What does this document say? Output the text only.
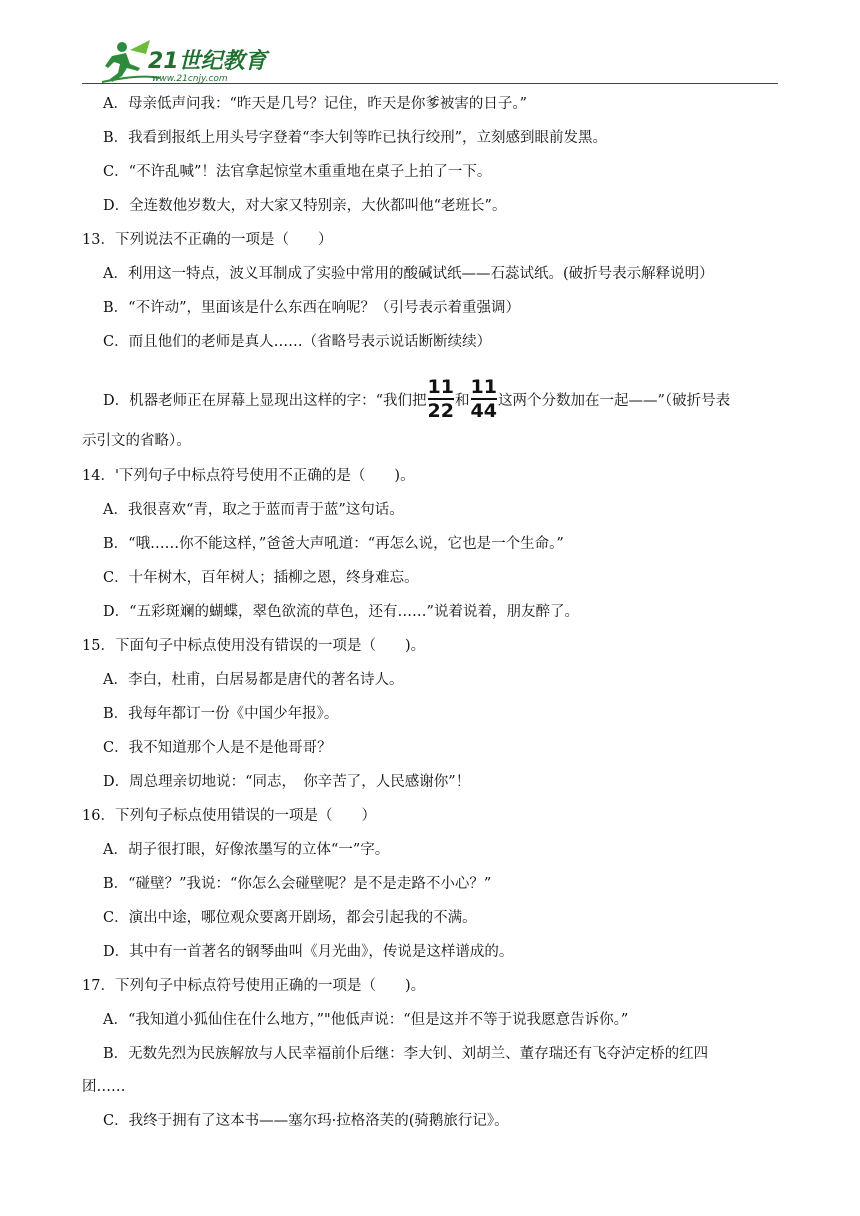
21世纪教育
www.21cnjy.com
A．母亲低声问我：“昨天是几号？记住，昨天是你爹被害的日子。”
B．我看到报纸上用头号字登着“李大钊等昨已执行绞刑”，立刻感到眼前发黑。
C．“不许乱喊”！法官拿起惊堂木重重地在桌子上拍了一下。
D．全连数他岁数大，对大家又特别亲，大伙都叫他“老班长”。
13．下列说法不正确的一项是（　　）
A．利用这一特点，波义耳制成了实验中常用的酸碱试纸——石蕊试纸。(破折号表示解释说明）
B．“不许动”，里面该是什么东西在响呢？（引号表示着重强调）
C．而且他们的老师是真人……（省略号表示说话断断续续）
D．机器老师正在屏幕上显现出这样的字：“我们把 $\frac{11}{22}$ 和 $\frac{11}{44}$ 这两个分数加在一起——”（破折号表
示引文的省略）。
14．'下列句子中标点符号使用不正确的是（　　)。
A．我很喜欢“青，取之于蓝而青于蓝”这句话。
B．“哦……你不能这样，”爸爸大声吼道：“再怎么说，它也是一个生命。”
C．十年树木，百年树人；插柳之恩，终身难忘。
D．“五彩斑斓的蝴蝶，翠色欲流的草色，还有……”说着说着，朋友醉了。
15．下面句子中标点使用没有错误的一项是（　　)。
A．李白，杜甫，白居易都是唐代的著名诗人。
B．我每年都订一份《中国少年报》。
C．我不知道那个人是不是他哥哥？
D．周总理亲切地说：“同志，　你辛苦了，人民感谢你”！
16．下列句子标点使用错误的一项是（　　）
A．胡子很打眼，好像浓墨写的立体“一”字。
B．“碰壁？”我说：“你怎么会碰壁呢？是不是走路不小心？”
C．演出中途，哪位观众要离开剧场，都会引起我的不满。
D．其中有一首著名的钢琴曲叫《月光曲》，传说是这样谱成的。
17．下列句子中标点符号使用正确的一项是（　　)。
A．“我知道小狐仙住在什么地方，”"他低声说：“但是这并不等于说我愿意告诉你。”
B．无数先烈为民族解放与人民幸福前仆后继：李大钊、刘胡兰、董存瑞还有飞夺泸定桥的红四
团……
C．我终于拥有了这本书——塞尔玛·拉格洛芙的(骑鹅旅行记》。
